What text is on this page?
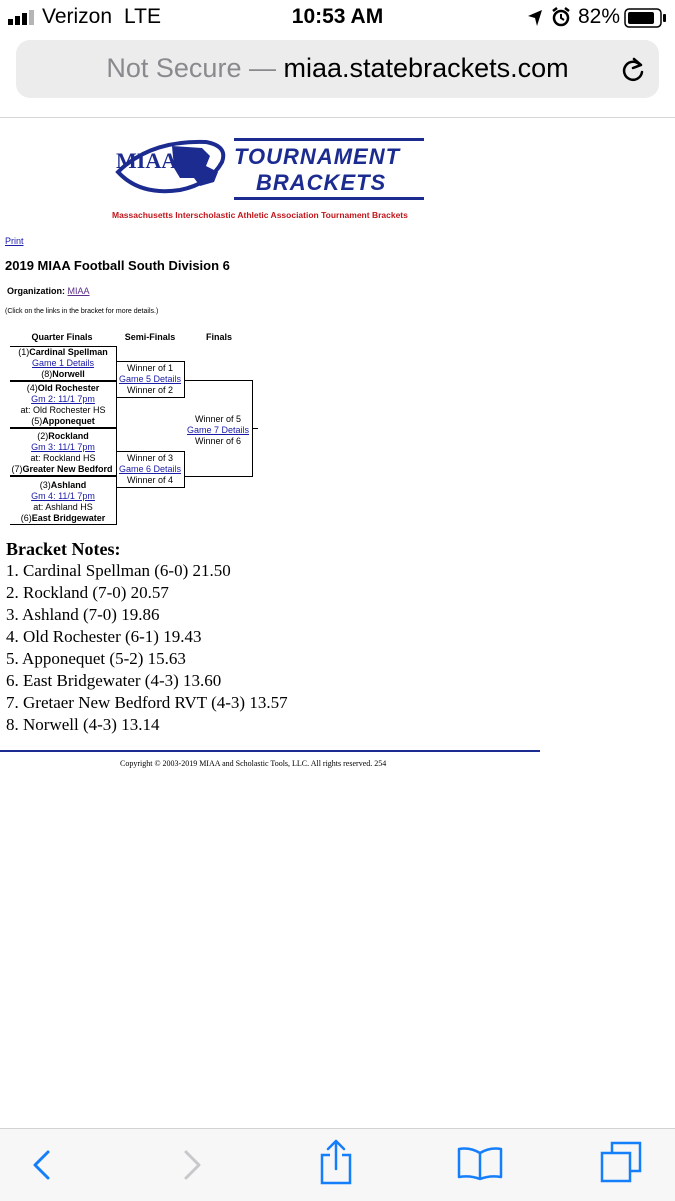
Verizon LTE	10:53 AM	82%
Not Secure — miaa.statebrackets.com
MIAA	TOURNAMENT
BRACKETS
Massachusetts Interscholastic Athletic Association Tournament Brackets
Print
2019 MIAA Football South Division 6
Organization: MIAA
(Click on the links in the bracket for more details.)
Quarter Finals	Semi-Finals	Finals
(1)Cardinal Spellman
Game 1 Details
(8)Norwell
(4)Old Rochester
Gm 2: 11/1 7pm
at: Old Rochester HS
(5)Apponequet
(2)Rockland
Gm 3: 11/1 7pm
at: Rockland HS
(7)Greater New Bedford
(3)Ashland
Gm 4: 11/1 7pm
at: Ashland HS
(6)East Bridgewater
Winner of 1
Game 5 Details
Winner of 2
Winner of 3
Game 6 Details
Winner of 4
Winner of 5
Game 7 Details
Winner of 6
Bracket Notes:
1. Cardinal Spellman (6-0) 21.50
2. Rockland (7-0) 20.57
3. Ashland (7-0) 19.86
4. Old Rochester (6-1) 19.43
5. Apponequet (5-2) 15.63
6. East Bridgewater (4-3) 13.60
7. Gretaer New Bedford RVT (4-3) 13.57
8. Norwell (4-3) 13.14
Copyright © 2003-2019 MIAA and Scholastic Tools, LLC. All rights reserved. 254
